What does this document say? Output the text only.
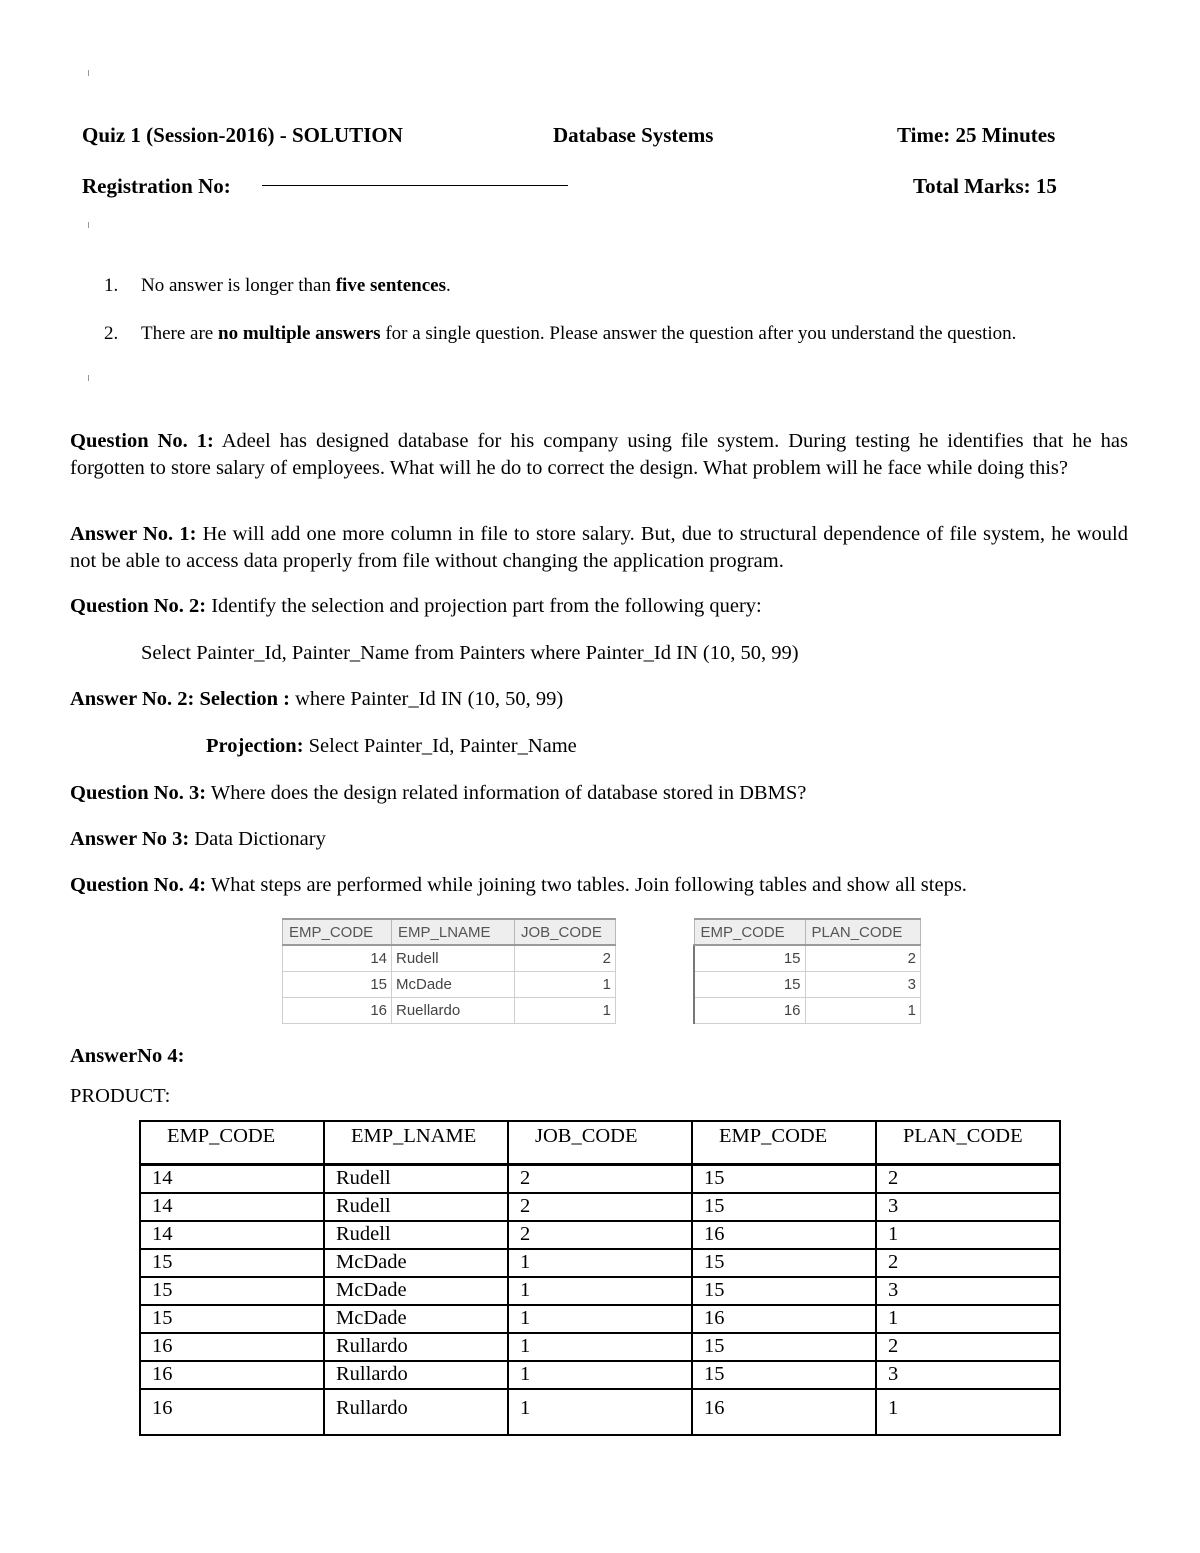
Quiz 1 (Session-2016) - SOLUTION	Database Systems	Time: 25 Minutes
Registration No:	Total Marks: 15
1. No answer is longer than five sentences.
2. There are no multiple answers for a single question. Please answer the question after you understand the question.
Question No. 1: Adeel has designed database for his company using file system. During testing he identifies that he has forgotten to store salary of employees. What will he do to correct the design. What problem will he face while doing this?
Answer No. 1: He will add one more column in file to store salary. But, due to structural dependence of file system, he would not be able to access data properly from file without changing the application program.
Question No. 2: Identify the selection and projection part from the following query:
Select Painter_Id, Painter_Name from Painters where Painter_Id IN (10, 50, 99)
Answer No. 2: Selection : where Painter_Id IN (10, 50, 99)
Projection: Select Painter_Id, Painter_Name
Question No. 3: Where does the design related information of database stored in DBMS?
Answer No 3: Data Dictionary
Question No. 4: What steps are performed while joining two tables. Join following tables and show all steps.
EMP_CODE	EMP_LNAME	JOB_CODE
14	Rudell	2
15	McDade	1
16	Ruellardo	1
EMP_CODE	PLAN_CODE
15	2
15	3
16	1
AnswerNo 4:
PRODUCT:
EMP_CODE	EMP_LNAME	JOB_CODE	EMP_CODE	PLAN_CODE
14	Rudell	2	15	2
14	Rudell	2	15	3
14	Rudell	2	16	1
15	McDade	1	15	2
15	McDade	1	15	3
15	McDade	1	16	1
16	Rullardo	1	15	2
16	Rullardo	1	15	3
16	Rullardo	1	16	1
